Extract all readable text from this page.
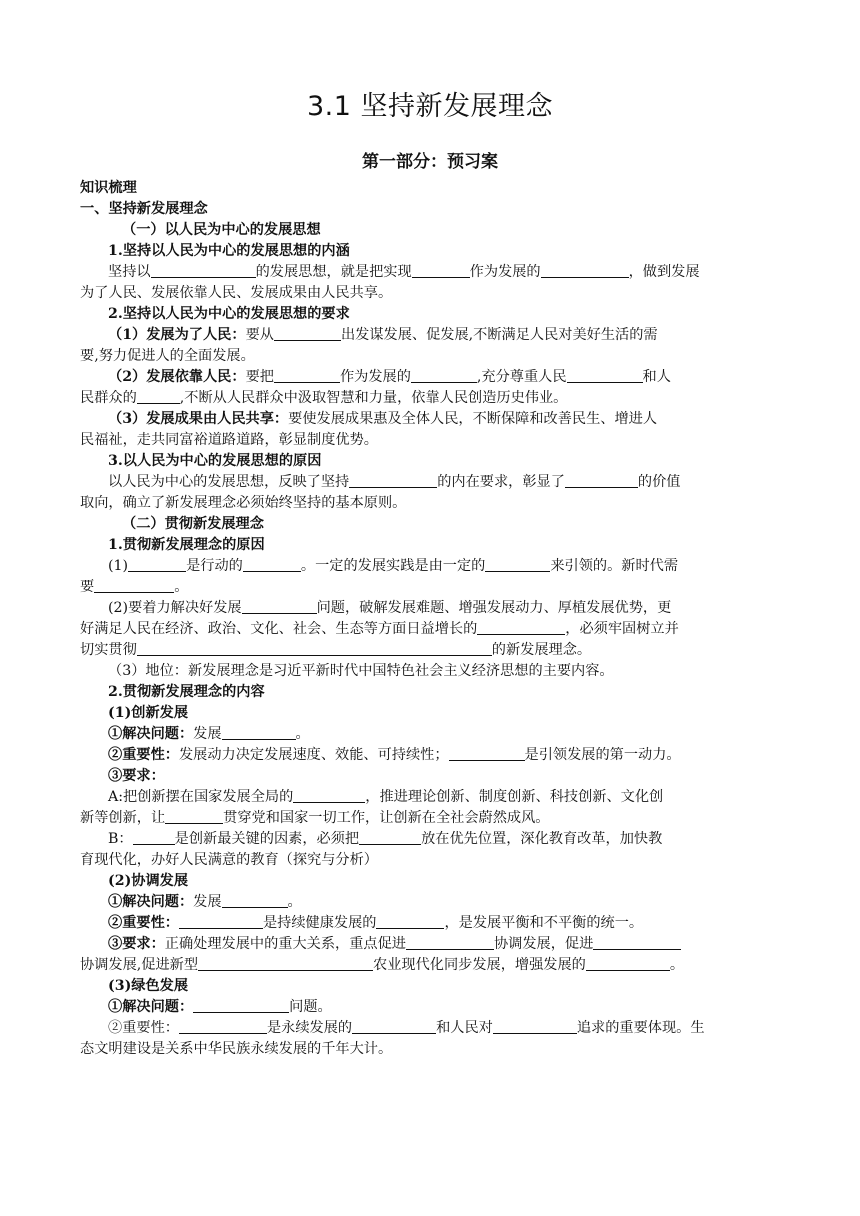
3.1 坚持新发展理念
第一部分：预习案
知识梳理
一、坚持新发展理念
（一）以人民为中心的发展思想
1.坚持以人民为中心的发展思想的内涵
坚持以	的发展思想，就是把实现	作为发展的	，做到发展
为了人民、发展依靠人民、发展成果由人民共享。
2.坚持以人民为中心的发展思想的要求
（1）发展为了人民：要从	出发谋发展、促发展,不断满足人民对美好生活的需
要,努力促进人的全面发展。
（2）发展依靠人民：要把	作为发展的	,充分尊重人民	和人
民群众的	,不断从人民群众中汲取智慧和力量，依靠人民创造历史伟业。
（3）发展成果由人民共享：要使发展成果惠及全体人民，不断保障和改善民生、增进人
民福祉，走共同富裕道路道路，彰显制度优势。
3.以人民为中心的发展思想的原因
以人民为中心的发展思想，反映了坚持	的内在要求，彰显了	的价值
取向，确立了新发展理念必须始终坚持的基本原则。
（二）贯彻新发展理念
1.贯彻新发展理念的原因
(1)	是行动的	。一定的发展实践是由一定的	来引领的。新时代需
要	。
(2)要着力解决好发展	问题，破解发展难题、增强发展动力、厚植发展优势，更
好满足人民在经济、政治、文化、社会、生态等方面日益增长的	，必须牢固树立并
切实贯彻	的新发展理念。
（3）地位：新发展理念是习近平新时代中国特色社会主义经济思想的主要内容。
2.贯彻新发展理念的内容
(1)创新发展
①解决问题：发展	。
②重要性：发展动力决定发展速度、效能、可持续性；	是引领发展的第一动力。
③要求：
A:把创新摆在国家发展全局的	，推进理论创新、制度创新、科技创新、文化创
新等创新，让	贯穿党和国家一切工作，让创新在全社会蔚然成风。
B：	是创新最关键的因素，必须把	放在优先位置，深化教育改革，加快教
育现代化，办好人民满意的教育（探究与分析）
(2)协调发展
①解决问题：发展	。
②重要性：	是持续健康发展的	，是发展平衡和不平衡的统一。
③要求：正确处理发展中的重大关系，重点促进	协调发展，促进
协调发展,促进新型	农业现代化同步发展，增强发展的	。
(3)绿色发展
①解决问题：	问题。
②重要性：	是永续发展的	和人民对	追求的重要体现。生
态文明建设是关系中华民族永续发展的千年大计。
